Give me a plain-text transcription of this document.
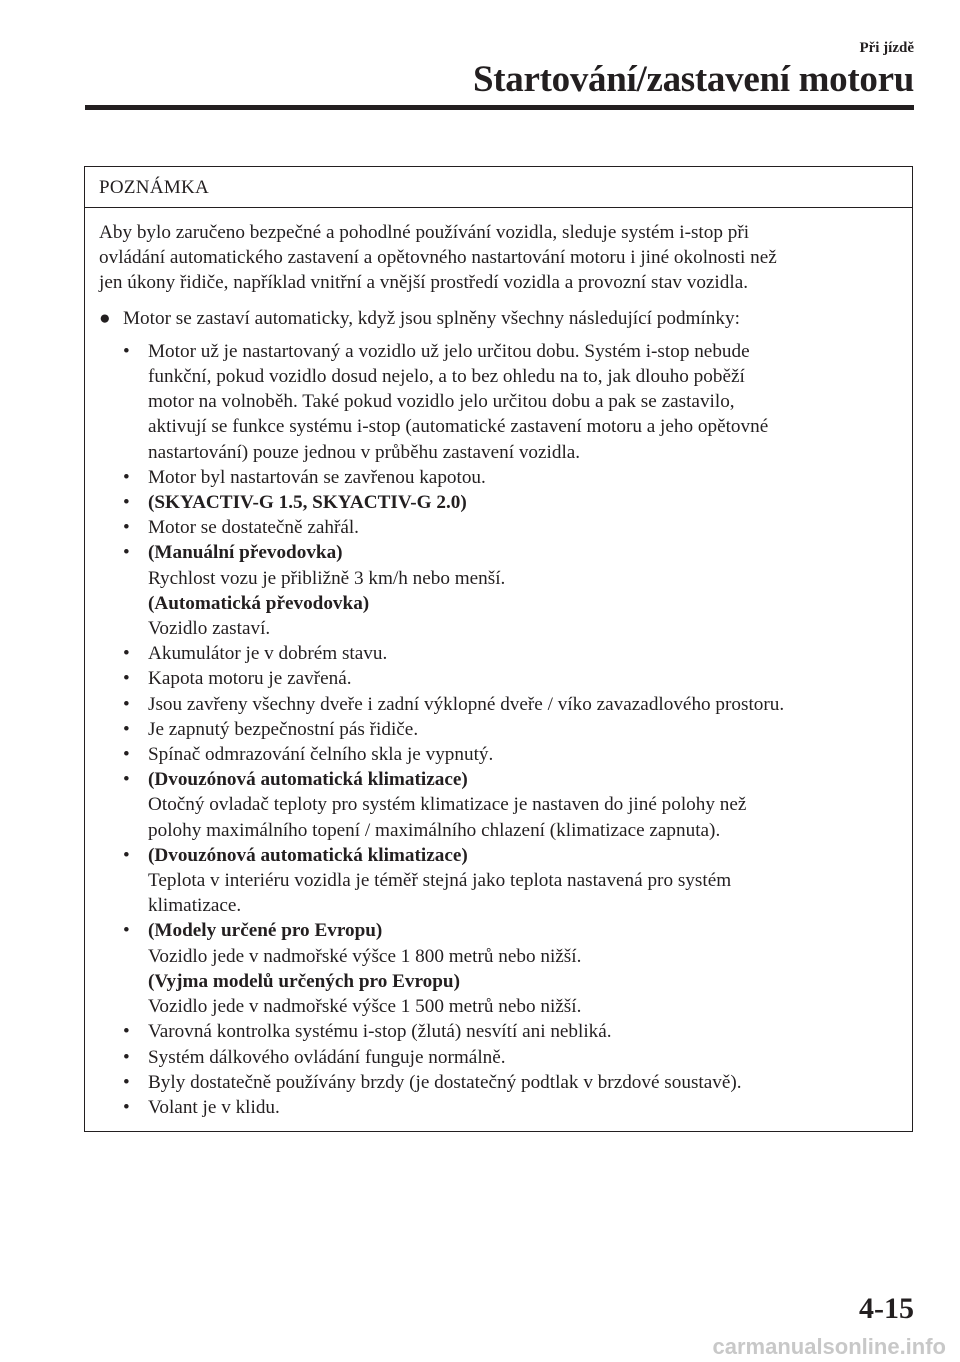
Při jízdě
Startování/zastavení motoru
POZNÁMKA
Aby bylo zaručeno bezpečné a pohodlné používání vozidla, sleduje systém i-stop při
ovládání automatického zastavení a opětovného nastartování motoru i jiné okolnosti než
jen úkony řidiče, například vnitřní a vnější prostředí vozidla a provozní stav vozidla.
● Motor se zastaví automaticky, když jsou splněny všechny následující podmínky:
• Motor už je nastartovaný a vozidlo už jelo určitou dobu. Systém i-stop nebude
funkční, pokud vozidlo dosud nejelo, a to bez ohledu na to, jak dlouho poběží
motor na volnoběh. Také pokud vozidlo jelo určitou dobu a pak se zastavilo,
aktivují se funkce systému i-stop (automatické zastavení motoru a jeho opětovné
nastartování) pouze jednou v průběhu zastavení vozidla.
• Motor byl nastartován se zavřenou kapotou.
• (SKYACTIV-G 1.5, SKYACTIV-G 2.0)
• Motor se dostatečně zahřál.
• (Manuální převodovka)
Rychlost vozu je přibližně 3 km/h nebo menší.
(Automatická převodovka)
Vozidlo zastaví.
• Akumulátor je v dobrém stavu.
• Kapota motoru je zavřená.
• Jsou zavřeny všechny dveře i zadní výklopné dveře / víko zavazadlového prostoru.
• Je zapnutý bezpečnostní pás řidiče.
• Spínač odmrazování čelního skla je vypnutý.
• (Dvouzónová automatická klimatizace)
Otočný ovladač teploty pro systém klimatizace je nastaven do jiné polohy než
polohy maximálního topení / maximálního chlazení (klimatizace zapnuta).
• (Dvouzónová automatická klimatizace)
Teplota v interiéru vozidla je téměř stejná jako teplota nastavená pro systém
klimatizace.
• (Modely určené pro Evropu)
Vozidlo jede v nadmořské výšce 1 800 metrů nebo nižší.
(Vyjma modelů určených pro Evropu)
Vozidlo jede v nadmořské výšce 1 500 metrů nebo nižší.
• Varovná kontrolka systému i-stop (žlutá) nesvítí ani nebliká.
• Systém dálkového ovládání funguje normálně.
• Byly dostatečně používány brzdy (je dostatečný podtlak v brzdové soustavě).
• Volant je v klidu.
4-15
carmanualsonline.info
